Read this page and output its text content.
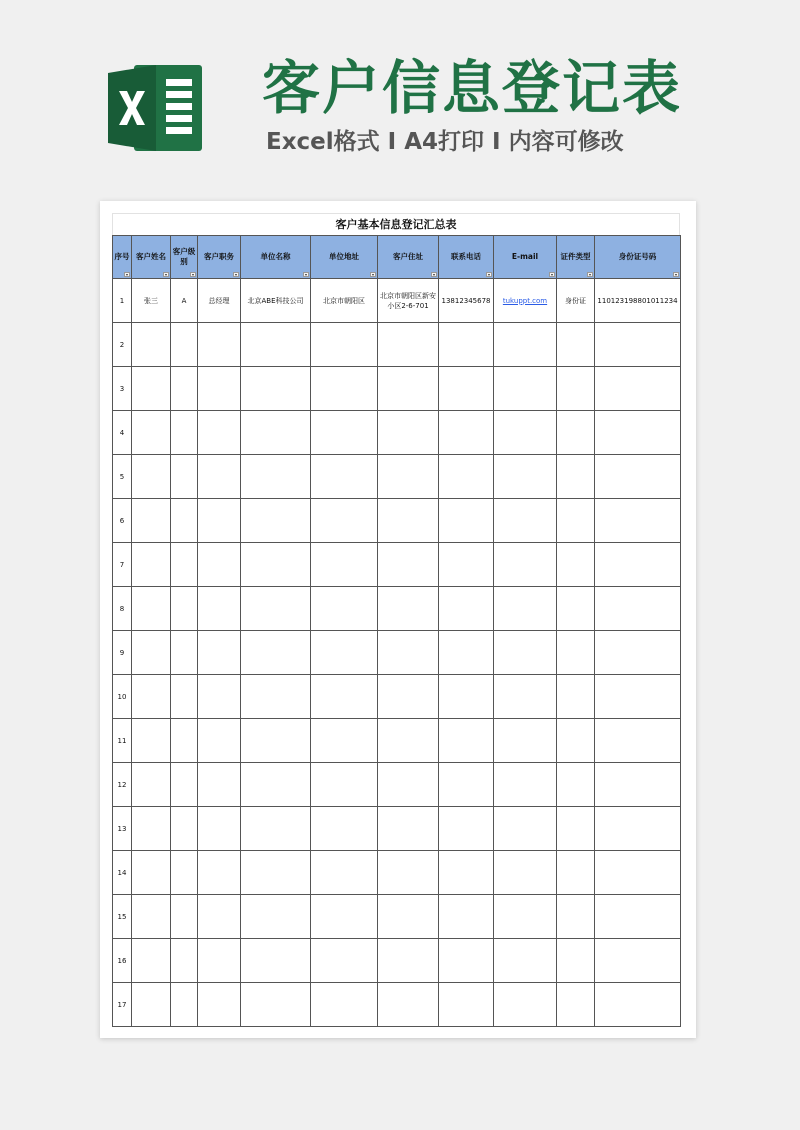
客户信息登记表
Excel格式 I A4打印 I 内容可修改
客户基本信息登记汇总表
序号	客户姓名	客户级别	客户职务	单位名称	单位地址	客户住址	联系电话	E-mail	证件类型	身份证号码

1	张三	A	总经理	北京ABE科技公司	北京市朝阳区	北京市朝阳区新安小区2-6-701	13812345678	tukuppt.com	身份证	110123198801011234
2										
3										
4										
5										
6										
7										
8										
9										
10										
11										
12										
13										
14										
15										
16										
17										
